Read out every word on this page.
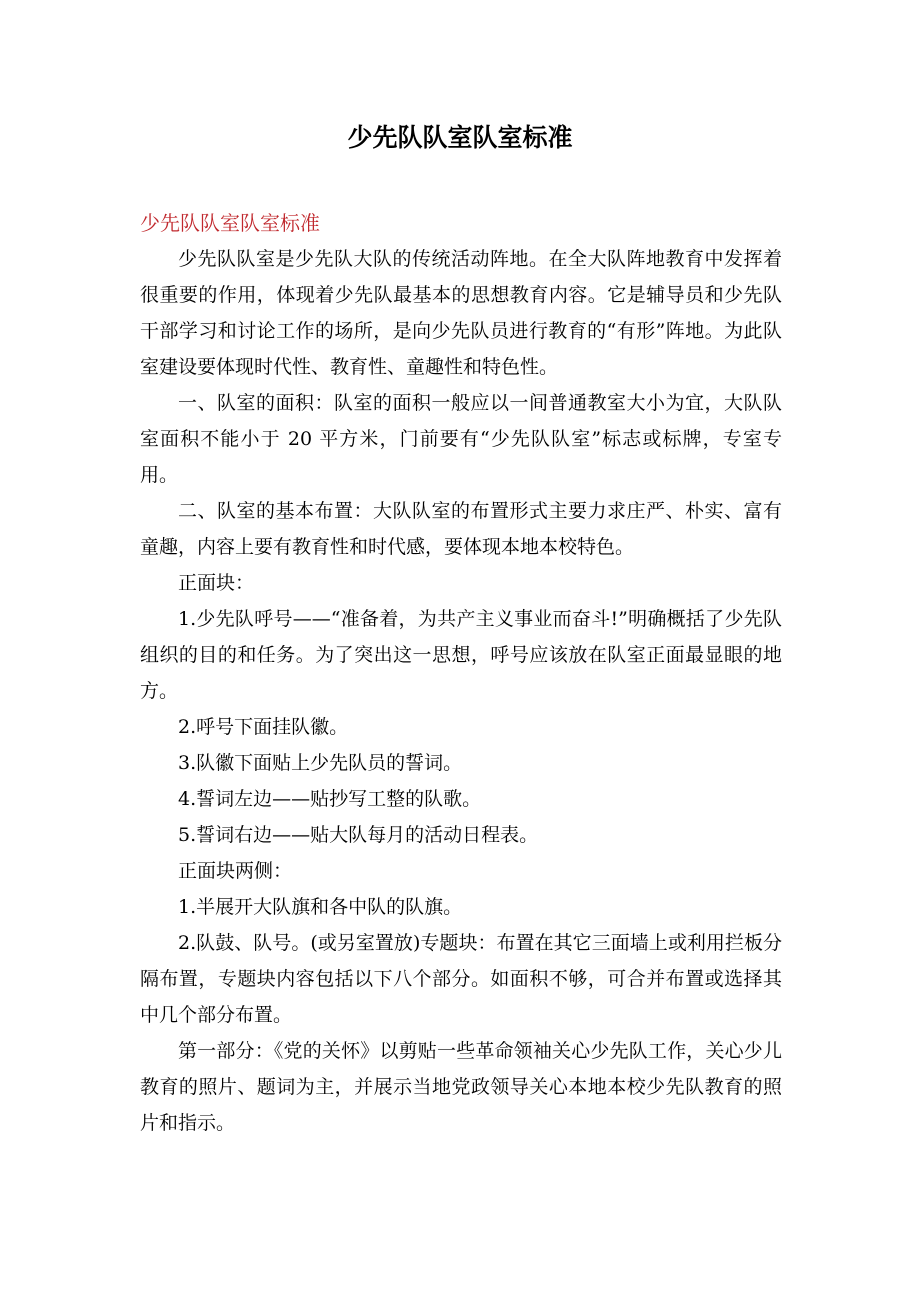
少先队队室队室标准

少先队队室队室标准

少先队队室是少先队大队的传统活动阵地。在全大队阵地教育中发挥着很重要的作用，体现着少先队最基本的思想教育内容。它是辅导员和少先队干部学习和讨论工作的场所，是向少先队员进行教育的“有形”阵地。为此队室建设要体现时代性、教育性、童趣性和特色性。

一、队室的面积：队室的面积一般应以一间普通教室大小为宜，大队队室面积不能小于 20 平方米，门前要有“少先队队室”标志或标牌，专室专用。

二、队室的基本布置：大队队室的布置形式主要力求庄严、朴实、富有童趣，内容上要有教育性和时代感，要体现本地本校特色。

正面块：

1.少先队呼号——“准备着，为共产主义事业而奋斗!”明确概括了少先队组织的目的和任务。为了突出这一思想，呼号应该放在队室正面最显眼的地方。

2.呼号下面挂队徽。

3.队徽下面贴上少先队员的誓词。

4.誓词左边——贴抄写工整的队歌。

5.誓词右边——贴大队每月的活动日程表。

正面块两侧：

1.半展开大队旗和各中队的队旗。

2.队鼓、队号。(或另室置放)专题块：布置在其它三面墙上或利用拦板分隔布置，专题块内容包括以下八个部分。如面积不够，可合并布置或选择其中几个部分布置。

第一部分：《党的关怀》以剪贴一些革命领袖关心少先队工作，关心少儿教育的照片、题词为主，并展示当地党政领导关心本地本校少先队教育的照片和指示。
